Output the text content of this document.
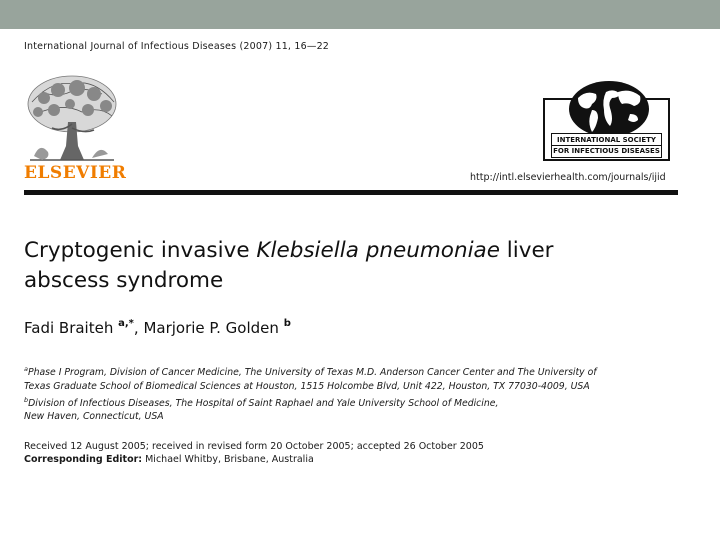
International Journal of Infectious Diseases (2007) 11, 16—22
ELSEVIER
INTERNATIONAL SOCIETY
FOR INFECTIOUS DISEASES
http://intl.elsevierhealth.com/journals/ijid
Cryptogenic invasive Klebsiella pneumoniae liver
abscess syndrome
Fadi Braiteh $^{a,*}$, Marjorie P. Golden $^b$
$^a$Phase I Program, Division of Cancer Medicine, The University of Texas M.D. Anderson Cancer Center and The University of
Texas Graduate School of Biomedical Sciences at Houston, 1515 Holcombe Blvd, Unit 422, Houston, TX 77030-4009, USA
$^b$Division of Infectious Diseases, The Hospital of Saint Raphael and Yale University School of Medicine,
New Haven, Connecticut, USA
Received 12 August 2005; received in revised form 20 October 2005; accepted 26 October 2005
Corresponding Editor: Michael Whitby, Brisbane, Australia
